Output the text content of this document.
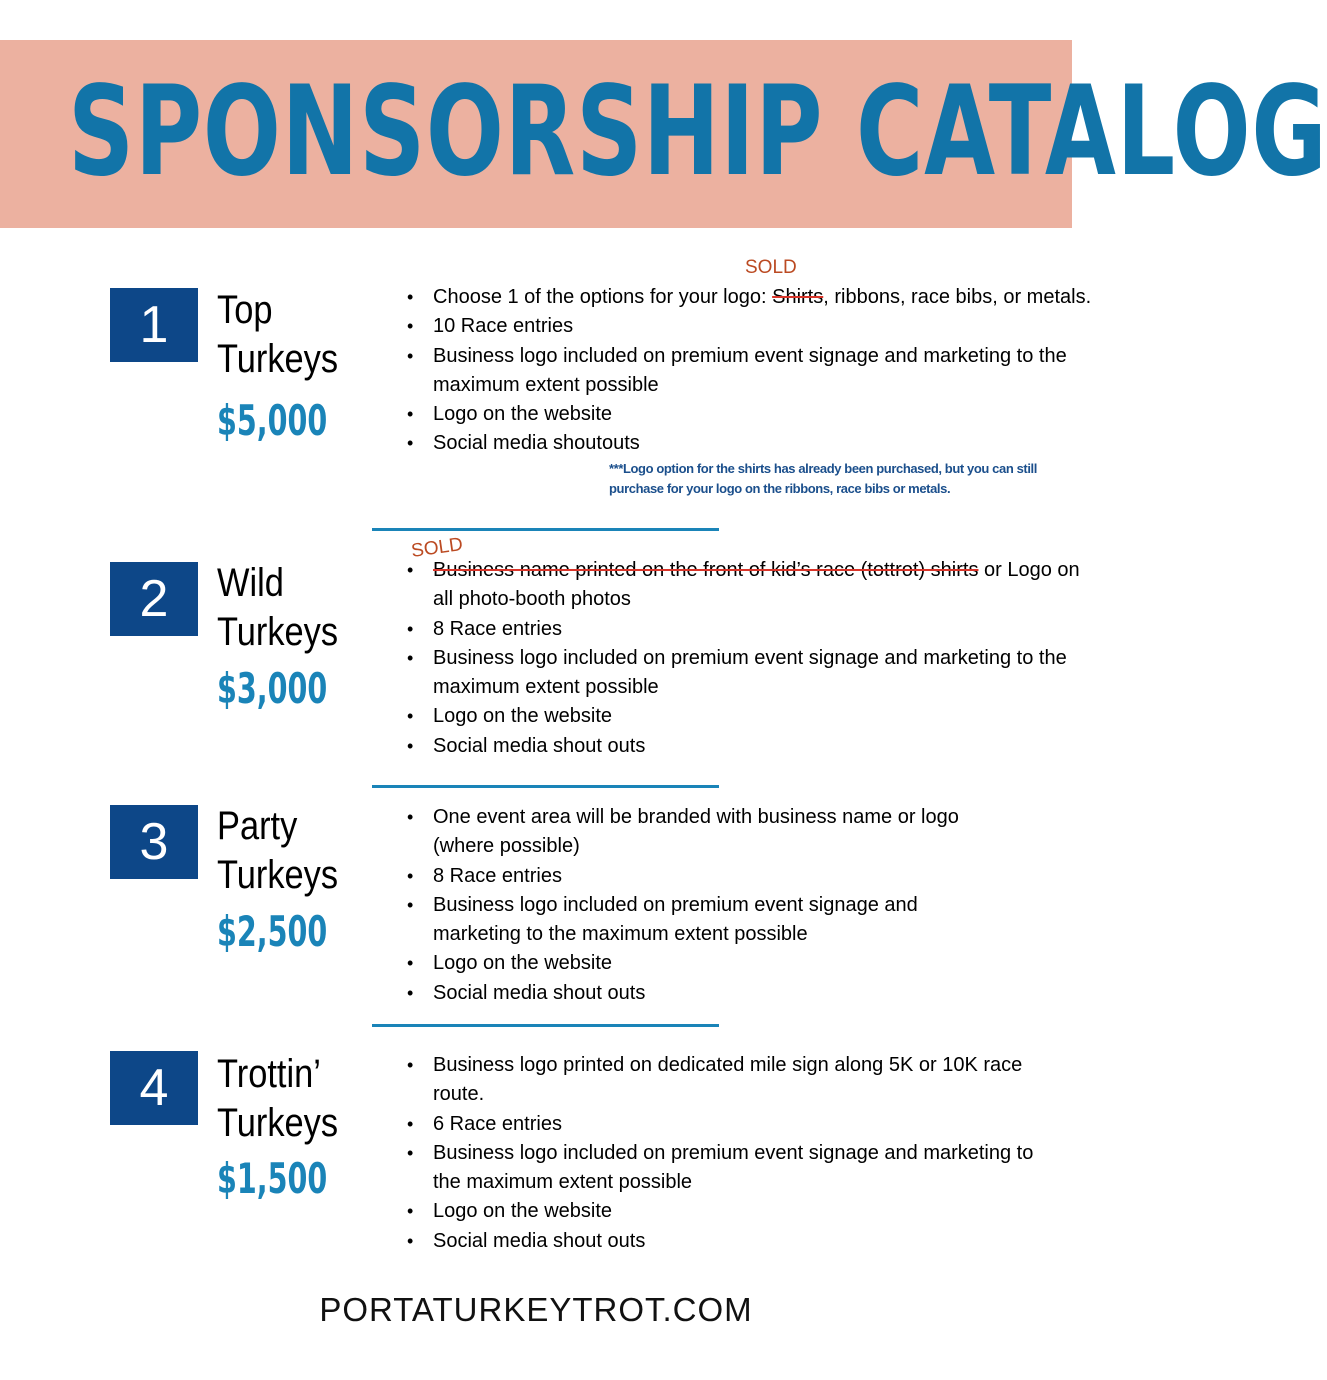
SPONSORSHIP CATALOG
1	Top
Turkeys
$5,000
SOLD
• Choose 1 of the options for your logo: Shirts, ribbons, race bibs, or metals.
• 10 Race entries
• Business logo included on premium event signage and marketing to the
maximum extent possible
• Logo on the website
• Social media shoutouts
***Logo option for the shirts has already been purchased, but you can still
purchase for your logo on the ribbons, race bibs or metals.
2	Wild
Turkeys
$3,000
SOLD
• Business name printed on the front of kid’s race (tottrot) shirts or Logo on
all photo-booth photos
• 8 Race entries
• Business logo included on premium event signage and marketing to the
maximum extent possible
• Logo on the website
• Social media shout outs
3	Party
Turkeys
$2,500
• One event area will be branded with business name or logo
(where possible)
• 8 Race entries
• Business logo included on premium event signage and
marketing to the maximum extent possible
• Logo on the website
• Social media shout outs
4	Trottin’
Turkeys
$1,500
• Business logo printed on dedicated mile sign along 5K or 10K race
route.
• 6 Race entries
• Business logo included on premium event signage and marketing to
the maximum extent possible
• Logo on the website
• Social media shout outs
PORTATURKEYTROT.COM
